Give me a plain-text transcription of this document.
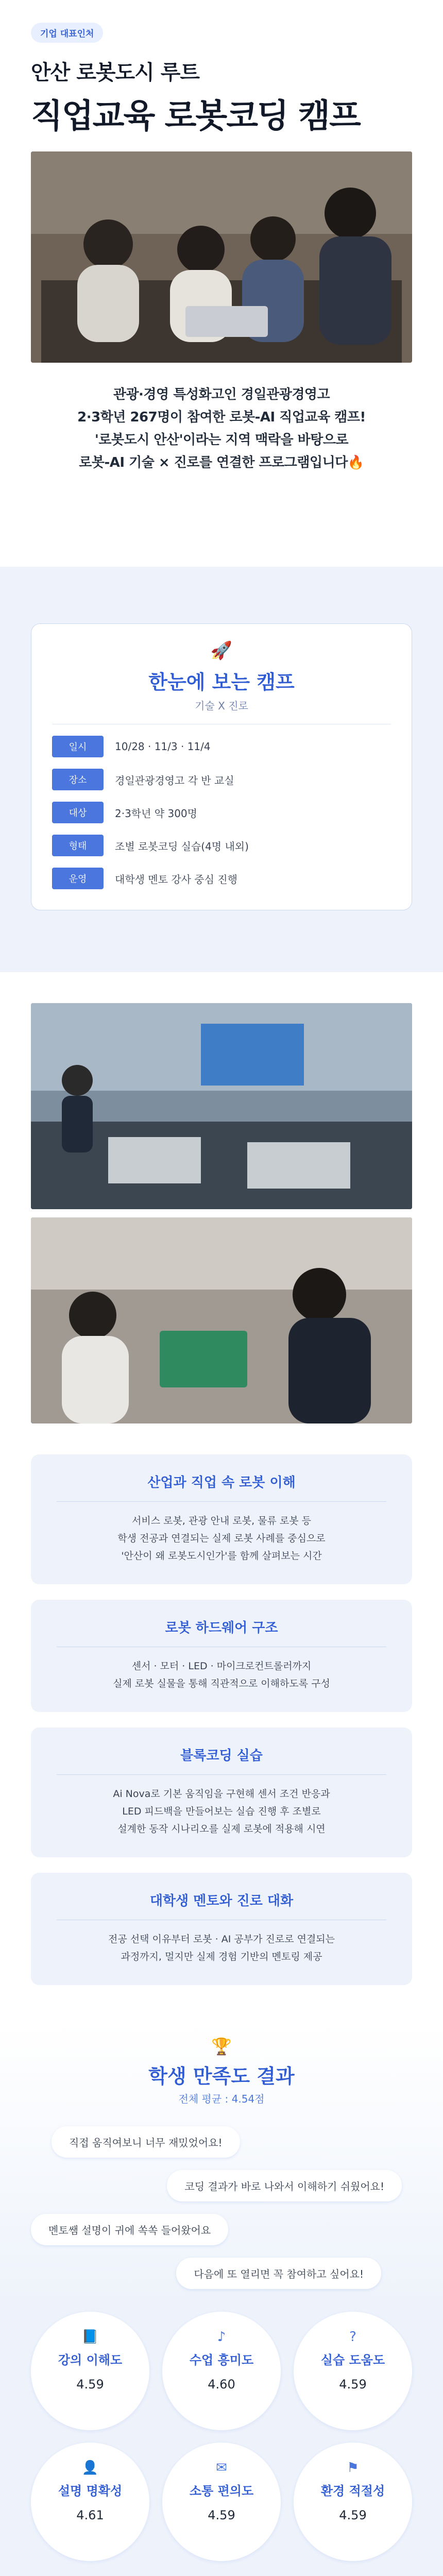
기업 대표인처
안산 로봇도시 루트
직업교육 로봇코딩 캠프
관광·경영 특성화고인 경일관광경영고
2·3학년 267명이 참여한 로봇-AI 직업교육 캠프!
'로봇도시 안산'이라는 지역 맥락을 바탕으로
로봇-AI 기술 × 진로를 연결한 프로그램입니다🔥
🚀
한눈에 보는 캠프
기술 X 진로
일시	10/28 · 11/3 · 11/4
장소	경일관광경영고 각 반 교실
대상	2·3학년 약 300명
형태	조별 로봇코딩 실습(4명 내외)
운영	대학생 멘토 강사 중심 진행
산업과 직업 속 로봇 이해
서비스 로봇, 관광 안내 로봇, 물류 로봇 등
학생 전공과 연결되는 실제 로봇 사례를 중심으로
'안산이 왜 로봇도시인가'를 함께 살펴보는 시간
로봇 하드웨어 구조
센서 · 모터 · LED · 마이크로컨트롤러까지
실제 로봇 실물을 통해 직관적으로 이해하도록 구성
블록코딩 실습
Ai Nova로 기본 움직임을 구현해 센서 조건 반응과
LED 피드백을 만들어보는 실습 진행 후 조별로
설계한 동작 시나리오를 실제 로봇에 적용해 시연
대학생 멘토와 진로 대화
전공 선택 이유부터 로봇 · AI 공부가 진로로 연결되는
과정까지, 멀지만 실제 경험 기반의 멘토링 제공
🏆
학생 만족도 결과
전체 평균 : 4.54점
직접 움직여보니 너무 재밌었어요!
코딩 결과가 바로 나와서 이해하기 쉬웠어요!
멘토쌤 설명이 귀에 쏙쏙 들어왔어요
다음에 또 열리면 꼭 참여하고 싶어요!
📘
강의 이해도
4.59
♪
수업 흥미도
4.60
?
실습 도움도
4.59
👤
설명 명확성
4.61
✉
소통 편의도
4.59
⚑
환경 적절성
4.59
